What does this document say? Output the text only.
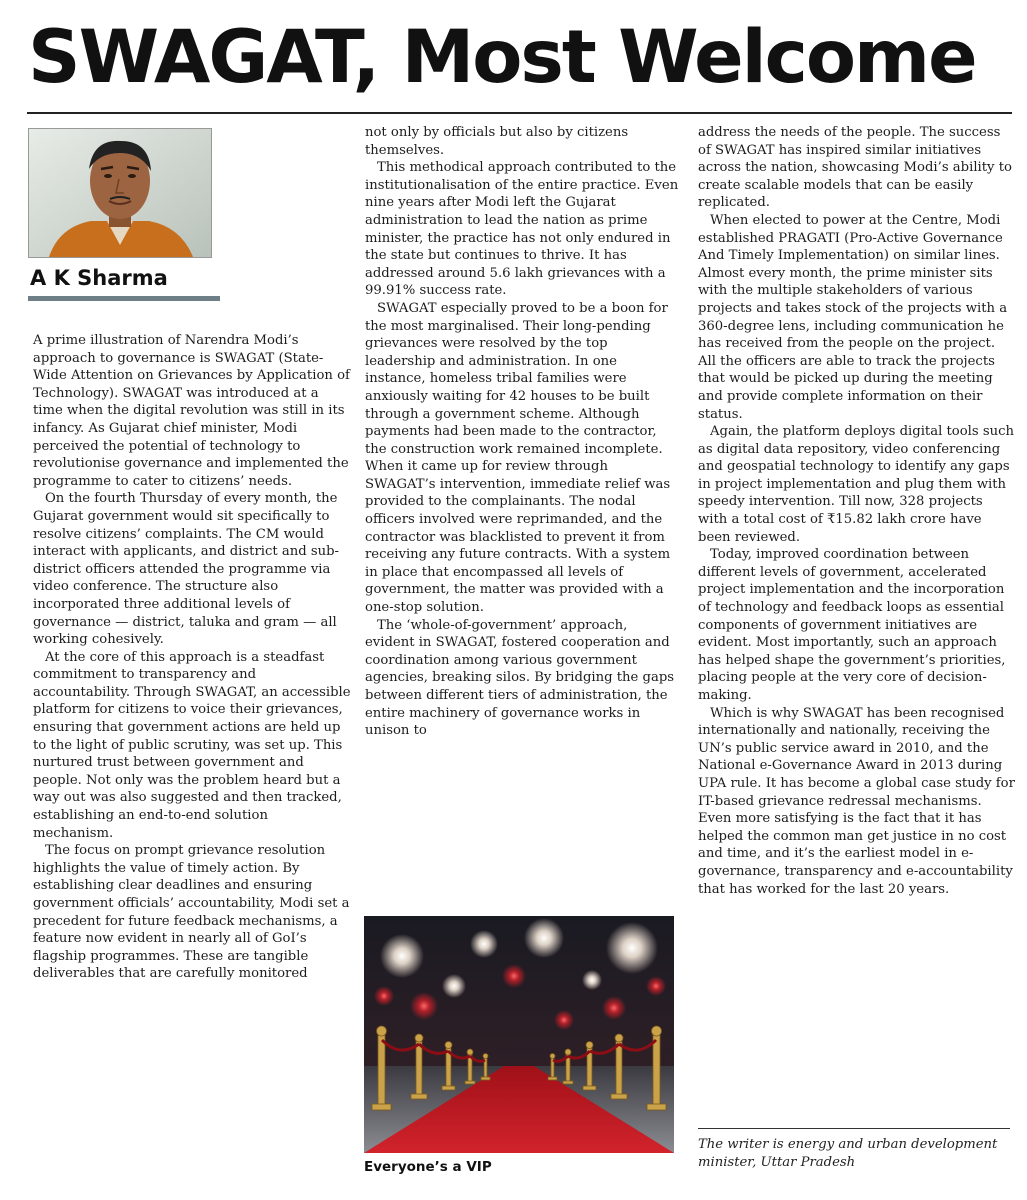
SWAGAT, Most Welcome
A K Sharma

A prime illustration of Narendra Modi’s approach to governance is SWAGAT (State-Wide Attention on Grievances by Application of Technology). SWAGAT was introduced at a time when the digital revolution was still in its infancy. As Gujarat chief minister, Modi perceived the potential of technology to revolutionise governance and implemented the programme to cater to citizens’ needs.

On the fourth Thursday of every month, the Gujarat government would sit specifically to resolve citizens’ complaints. The CM would interact with applicants, and district and sub-district officers attended the programme via video conference. The structure also incorporated three additional levels of governance — district, taluka and gram — all working cohesively.

At the core of this approach is a steadfast commitment to transparency and accountability. Through SWAGAT, an accessible platform for citizens to voice their grievances, ensuring that government actions are held up to the light of public scrutiny, was set up. This nurtured trust between government and people. Not only was the problem heard but a way out was also suggested and then tracked, establishing an end-to-end solution mechanism.

The focus on prompt grievance resolution highlights the value of timely action. By establishing clear deadlines and ensuring government officials’ accountability, Modi set a precedent for future feedback mechanisms, a feature now evident in nearly all of GoI’s flagship programmes. These are tangible deliverables that are carefully monitored

not only by officials but also by citizens themselves.

This methodical approach contributed to the institutionalisation of the entire practice. Even nine years after Modi left the Gujarat administration to lead the nation as prime minister, the practice has not only endured in the state but continues to thrive. It has addressed around 5.6 lakh grievances with a 99.91% success rate.

SWAGAT especially proved to be a boon for the most marginalised. Their long-pending grievances were resolved by the top leadership and administration. In one instance, homeless tribal families were anxiously waiting for 42 houses to be built through a government scheme. Although payments had been made to the contractor, the construction work remained incomplete. When it came up for review through SWAGAT’s intervention, immediate relief was provided to the complainants. The nodal officers involved were reprimanded, and the contractor was blacklisted to prevent it from receiving any future contracts. With a system in place that encompassed all levels of government, the matter was provided with a one-stop solution.

The ‘whole-of-government’ approach, evident in SWAGAT, fostered cooperation and coordination among various government agencies, breaking silos. By bridging the gaps between different tiers of administration, the entire machinery of governance works in unison to

Everyone’s a VIP

address the needs of the people. The success of SWAGAT has inspired similar initiatives across the nation, showcasing Modi’s ability to create scalable models that can be easily replicated.

When elected to power at the Centre, Modi established PRAGATI (Pro-Active Governance And Timely Implementation) on similar lines. Almost every month, the prime minister sits with the multiple stakeholders of various projects and takes stock of the projects with a 360-degree lens, including communication he has received from the people on the project. All the officers are able to track the projects that would be picked up during the meeting and provide complete information on their status.

Again, the platform deploys digital tools such as digital data repository, video conferencing and geospatial technology to identify any gaps in project implementation and plug them with speedy intervention. Till now, 328 projects with a total cost of ₹15.82 lakh crore have been reviewed.

Today, improved coordination between different levels of government, accelerated project implementation and the incorporation of technology and feedback loops as essential components of government initiatives are evident. Most importantly, such an approach has helped shape the government’s priorities, placing people at the very core of decision-making.

Which is why SWAGAT has been recognised internationally and nationally, receiving the UN’s public service award in 2010, and the National e-Governance Award in 2013 during UPA rule. It has become a global case study for IT-based grievance redressal mechanisms. Even more satisfying is the fact that it has helped the common man get justice in no cost and time, and it’s the earliest model in e-governance, transparency and e-accountability that has worked for the last 20 years.

The writer is energy and urban development minister, Uttar Pradesh
